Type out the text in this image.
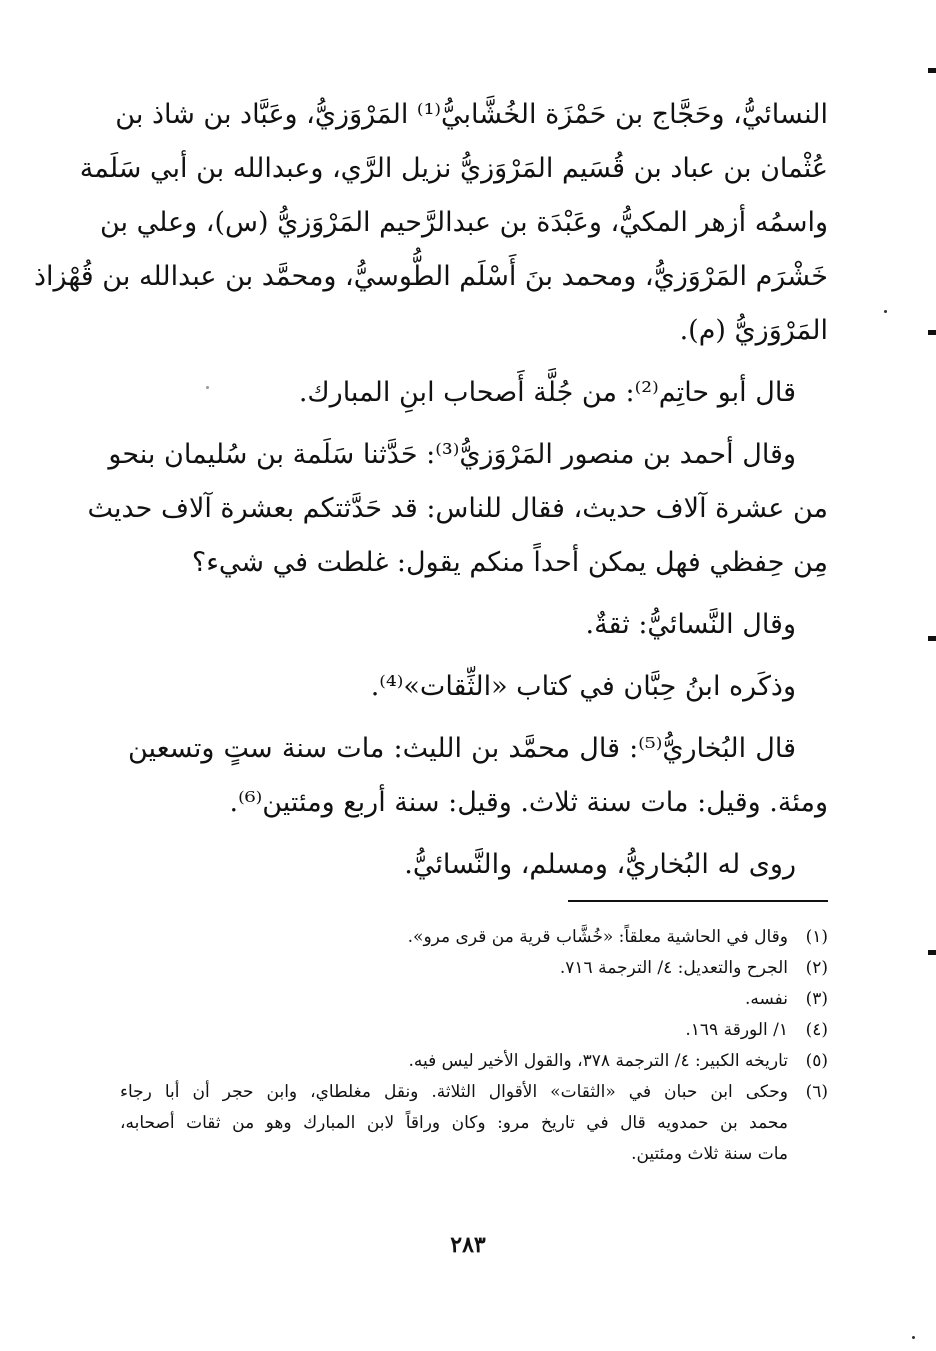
النسائيُّ، وحَجَّاج بن حَمْزَة الخُشَّابيُّ⁽¹⁾ المَرْوَزيُّ، وعَبَّاد بن شاذ بن
عُثْمان بن عباد بن قُسَيم المَرْوَزيُّ نزيل الرَّي، وعبدالله بن أبي سَلَمة
واسمُه أزهر المكيُّ، وعَبْدَة بن عبدالرَّحيم المَرْوَزيُّ (س)، وعلي بن
خَشْرَم المَرْوَزيُّ، ومحمد بنَ أَسْلَم الطُّوسيُّ، ومحمَّد بن عبدالله بن قُهْزاذ
المَرْوَزيُّ (م).
قال أبو حاتِم⁽²⁾: من جُلَّة أَصحاب ابنِ المبارك.
وقال أحمد بن منصور المَرْوَزيُّ⁽³⁾: حَدَّثنا سَلَمة بن سُليمان بنحو
من عشرة آلاف حديث، فقال للناس: قد حَدَّثتكم بعشرة آلاف حديث
مِن حِفظي فهل يمكن أحداً منكم يقول: غلطت في شيء؟
وقال النَّسائيُّ: ثقةٌ.
وذكَره ابنُ حِبَّان في كتاب «الثِّقات»⁽⁴⁾.
قال البُخاريُّ⁽⁵⁾: قال محمَّد بن الليث: مات سنة ستٍ وتسعين
ومئة. وقيل: مات سنة ثلاث. وقيل: سنة أربع ومئتين⁽⁶⁾.
روى له البُخاريُّ، ومسلم، والنَّسائيُّ.
(١)
وقال في الحاشية معلقاً: «خُشَّاب قرية من قرى مرو».
(٢)
الجرح والتعديل: ٤/ الترجمة ٧١٦.
(٣)
نفسه.
(٤)
١/ الورقة ١٦٩.
(٥)
تاريخه الكبير: ٤/ الترجمة ٣٧٨، والقول الأخير ليس فيه.
(٦)
وحكى ابن حبان في «الثقات» الأقوال الثلاثة. ونقل مغلطاي، وابن حجر أن أبا رجاء
محمد بن حمدويه قال في تاريخ مرو: وكان وراقاً لابن المبارك وهو من ثقات أصحابه،
مات سنة ثلاث ومئتين.
٢٨٣
